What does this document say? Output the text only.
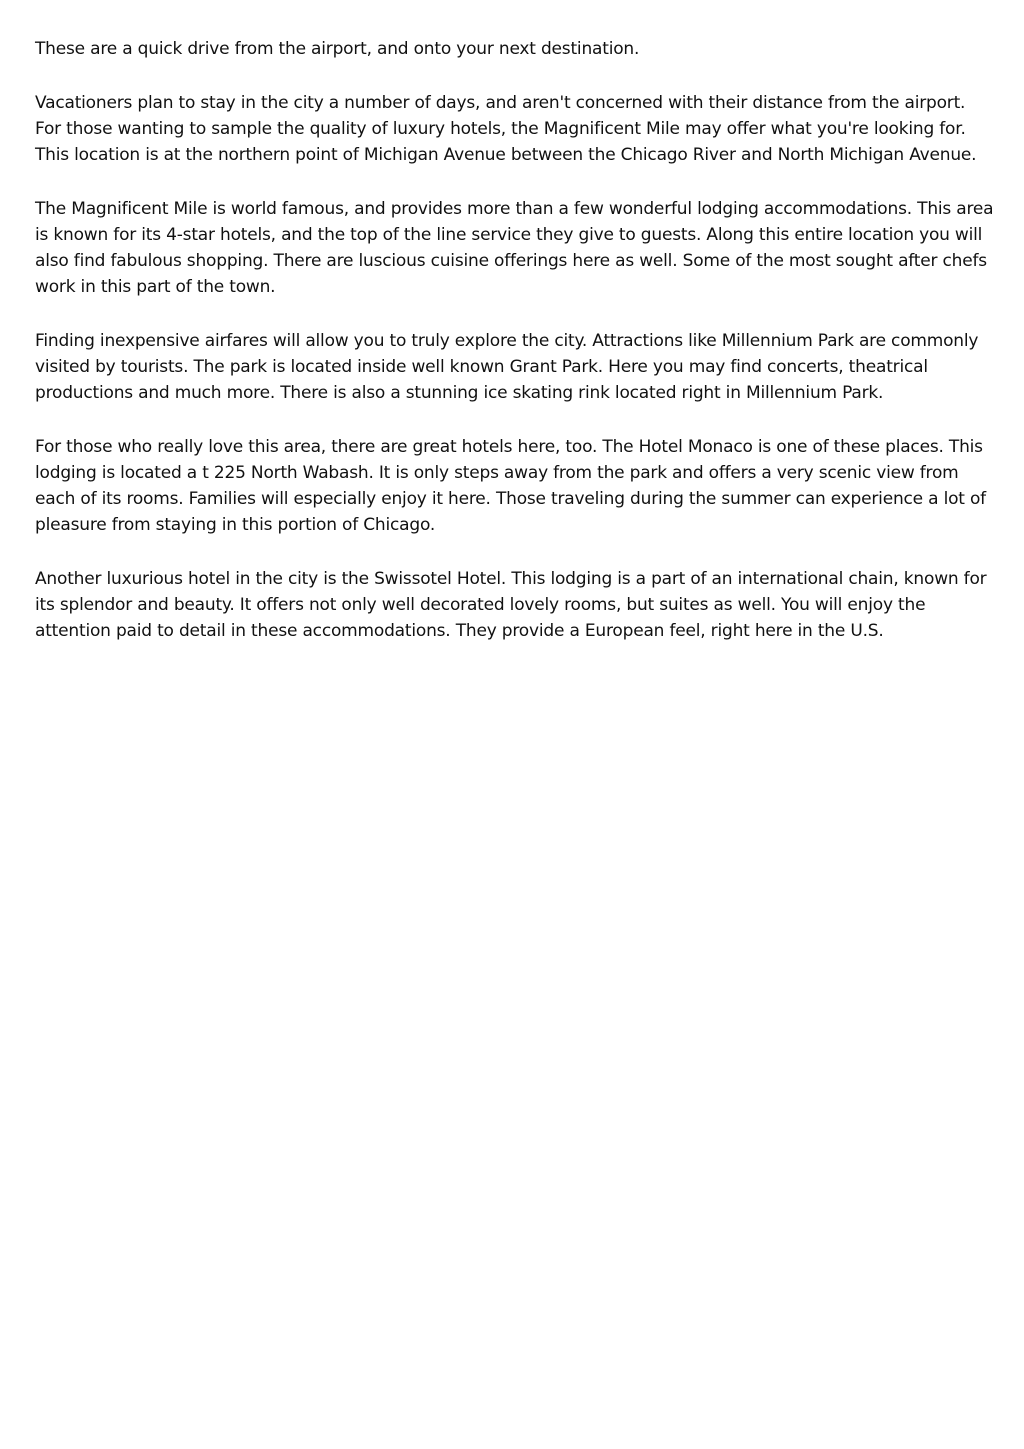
These are a quick drive from the airport, and onto your next destination.

Vacationers plan to stay in the city a number of days, and aren't concerned with their distance from the airport. For those wanting to sample the quality of luxury hotels, the Magnificent Mile may offer what you're looking for. This location is at the northern point of Michigan Avenue between the Chicago River and North Michigan Avenue.

The Magnificent Mile is world famous, and provides more than a few wonderful lodging accommodations. This area is known for its 4-star hotels, and the top of the line service they give to guests. Along this entire location you will also find fabulous shopping. There are luscious cuisine offerings here as well. Some of the most sought after chefs work in this part of the town.

Finding inexpensive airfares will allow you to truly explore the city. Attractions like Millennium Park are commonly visited by tourists. The park is located inside well known Grant Park. Here you may find concerts, theatrical productions and much more. There is also a stunning ice skating rink located right in Millennium Park.

For those who really love this area, there are great hotels here, too. The Hotel Monaco is one of these places. This lodging is located a t 225 North Wabash. It is only steps away from the park and offers a very scenic view from each of its rooms. Families will especially enjoy it here. Those traveling during the summer can experience a lot of pleasure from staying in this portion of Chicago.

Another luxurious hotel in the city is the Swissotel Hotel. This lodging is a part of an international chain, known for its splendor and beauty. It offers not only well decorated lovely rooms, but suites as well. You will enjoy the attention paid to detail in these accommodations. They provide a European feel, right here in the U.S.
